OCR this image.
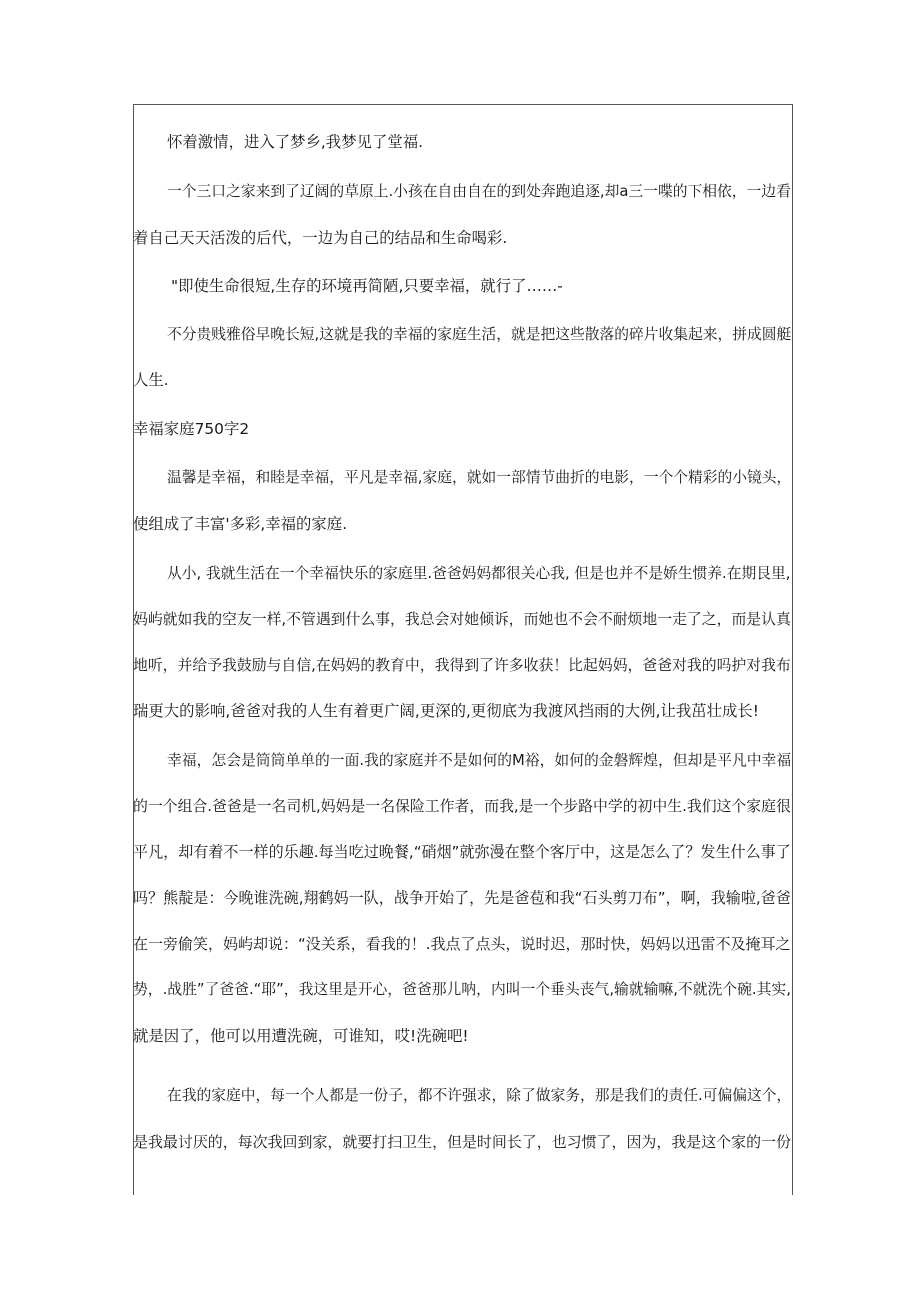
怀着激情，进入了梦乡,我梦见了堂福.
一个三口之家来到了辽阔的草原上.小孩在自由自在的到处奔跑追逐,却a三一喋的下相依，一边看
着自己天天活泼的后代，一边为自己的结品和生命喝彩.
"即使生命很短,生存的环境再简陋,只要幸福，就行了……-
不分贵贱雅俗早晚长短,这就是我的幸福的家庭生活，就是把这些散落的碎片收集起来，拼成圆艇
人生.
幸福家庭750字2
温馨是幸福，和睦是幸福，平凡是幸福,家庭，就如一部情节曲折的电影，一个个精彩的小镜头，
使组成了丰富'多彩,幸福的家庭.
从小, 我就生活在一个幸福快乐的家庭里.爸爸妈妈都很关心我, 但是也并不是娇生惯养.在期艮里,
妈屿就如我的空友一样,不管遇到什么事，我总会对她倾诉，而她也不会不耐烦地一走了之，而是认真
地听，并给予我鼓励与自信,在妈妈的教育中，我得到了许多收获！比起妈妈，爸爸对我的吗护对我布
瑞更大的影响,爸爸对我的人生有着更广阔,更深的,更彻底为我渡风挡雨的大例,让我茁壮成长!
幸福，怎会是筒筒单单的一面.我的家庭并不是如何的M裕，如何的金磐辉煌，但却是平凡中幸福
的一个组合.爸爸是一名司机,妈妈是一名保险工作者，而我,是一个步路中学的初中生.我们这个家庭很
平凡，却有着不一样的乐趣.每当吃过晚餐,“硝烟”就弥漫在整个客厅中，这是怎么了？发生什么事了
吗？熊靛是：今晚谁洗碗,翔鹤妈一队，战争开始了，先是爸苞和我“石头剪刀布”，啊，我输啦,爸爸
在一旁偷笑，妈屿却说：“没关系，看我的！.我点了点头，说时迟，那时快，妈妈以迅雷不及掩耳之
势，.战胜”了爸爸.“耶”，我这里是开心，爸爸那儿呐，内叫一个垂头丧气,输就输嘛,不就洗个碗.其实,
就是因了，他可以用遭洗碗，可谁知，哎!洗碗吧!
在我的家庭中，每一个人都是一份子，都不许强求，除了做家务，那是我们的责任.可偏偏这个，
是我最讨厌的，每次我回到家，就要打扫卫生，但是时间长了，也习惯了，因为，我是这个家的一份
